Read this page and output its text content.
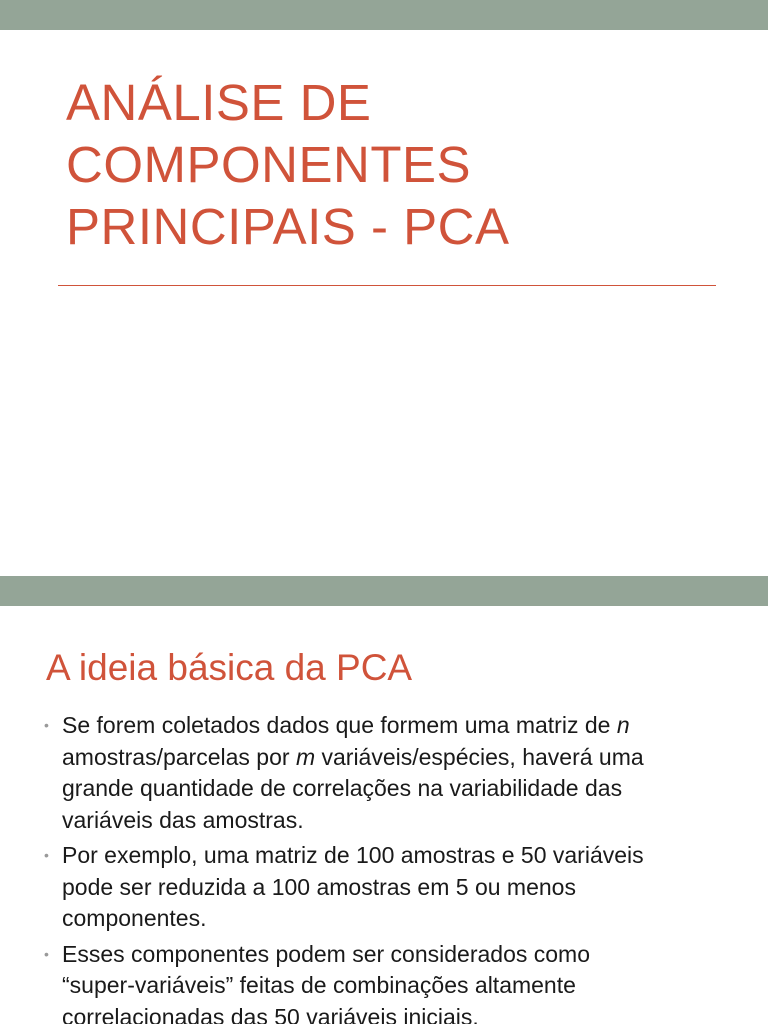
ANÁLISE DE
COMPONENTES
PRINCIPAIS - PCA
A ideia básica da PCA
• Se forem coletados dados que formem uma matriz de n
amostras/parcelas por m variáveis/espécies, haverá uma
grande quantidade de correlações na variabilidade das
variáveis das amostras.
• Por exemplo, uma matriz de 100 amostras e 50 variáveis
pode ser reduzida a 100 amostras em 5 ou menos
componentes.
• Esses componentes podem ser considerados como
“super-variáveis” feitas de combinações altamente
correlacionadas das 50 variáveis iniciais.
